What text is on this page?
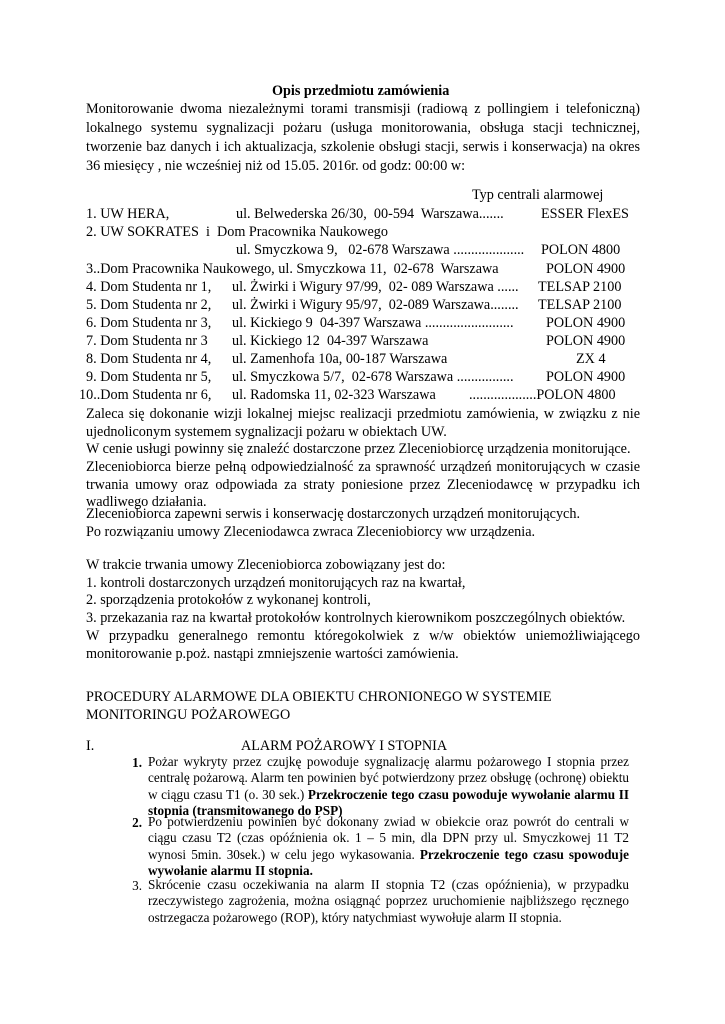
Opis przedmiotu zamówienia
Monitorowanie dwoma niezależnymi torami transmisji (radiową z pollingiem i telefoniczną)
lokalnego systemu sygnalizacji pożaru (usługa monitorowania, obsługa stacji technicznej,
tworzenie baz danych i ich aktualizacja, szkolenie obsługi stacji, serwis i konserwacja) na okres
36 miesięcy , nie wcześniej niż od 15.05. 2016r. od godz: 00:00 w:
Typ centrali alarmowej
1. UW HERA,	ul. Belwederska 26/30,  00-594  Warszawa.......	ESSER FlexES
2. UW SOKRATES  i  Dom Pracownika Naukowego
ul. Smyczkowa 9,   02-678 Warszawa .................... POLON 4800
3..Dom Pracownika Naukowego, ul. Smyczkowa 11,  02-678  Warszawa	POLON 4900
4. Dom Studenta nr 1, ul. Żwirki i Wigury 97/99,  02- 089 Warszawa ...... TELSAP 2100
5. Dom Studenta nr 2, ul. Żwirki i Wigury 95/97,  02-089 Warszawa........ TELSAP 2100
6. Dom Studenta nr 3, ul. Kickiego 9  04-397 Warszawa ......................... POLON 4900
7. Dom Studenta nr 3 ul. Kickiego 12  04-397 Warszawa	POLON 4900
8. Dom Studenta nr 4, ul. Zamenhofa 10a, 00-187 Warszawa	ZX 4
9. Dom Studenta nr 5, ul. Smyczkowa 5/7,  02-678 Warszawa ................ POLON 4900
10..Dom Studenta nr 6, ul. Radomska 11, 02-323 Warszawa ...................POLON 4800
Zaleca się dokonanie wizji lokalnej miejsc realizacji przedmiotu zamówienia, w związku z nie ujednoliconym systemem sygnalizacji pożaru w obiektach UW.
W cenie usługi powinny się znaleźć dostarczone przez Zleceniobiorcę urządzenia monitorujące.
Zleceniobiorca bierze pełną odpowiedzialność za sprawność urządzeń monitorujących w czasie trwania umowy oraz odpowiada za straty poniesione przez Zleceniodawcę w przypadku ich wadliwego działania.
Zleceniobiorca zapewni serwis i konserwację dostarczonych urządzeń monitorujących.
Po rozwiązaniu umowy Zleceniodawca zwraca Zleceniobiorcy ww urządzenia.
W trakcie trwania umowy Zleceniobiorca zobowiązany jest do:
1. kontroli dostarczonych urządzeń monitorujących raz na kwartał,
2. sporządzenia protokołów z wykonanej kontroli,
3. przekazania raz na kwartał protokołów kontrolnych kierownikom poszczególnych obiektów.
W przypadku generalnego remontu któregokolwiek z w/w obiektów uniemożliwiającego monitorowanie p.poż. nastąpi zmniejszenie wartości zamówienia.
PROCEDURY ALARMOWE DLA OBIEKTU CHRONIONEGO W SYSTEMIE MONITORINGU POŻAROWEGO
I.	ALARM POŻAROWY I STOPNIA
1. Pożar wykryty przez czujkę powoduje sygnalizację alarmu pożarowego I stopnia przez centralę pożarową. Alarm ten powinien być potwierdzony przez obsługę (ochronę) obiektu w ciągu czasu T1 (o. 30 sek.) Przekroczenie tego czasu powoduje wywołanie alarmu II stopnia (transmitowanego do PSP)
2. Po potwierdzeniu powinien być dokonany zwiad w obiekcie oraz powrót do centrali w ciągu czasu T2 (czas opóźnienia ok. 1 – 5 min, dla DPN przy ul. Smyczkowej 11 T2 wynosi 5min. 30sek.) w celu jego wykasowania. Przekroczenie tego czasu spowoduje wywołanie alarmu II stopnia.
3. Skrócenie czasu oczekiwania na alarm II stopnia T2 (czas opóźnienia), w przypadku rzeczywistego zagrożenia, można osiągnąć poprzez uruchomienie najbliższego ręcznego ostrzegacza pożarowego (ROP), który natychmiast wywołuje alarm II stopnia.
